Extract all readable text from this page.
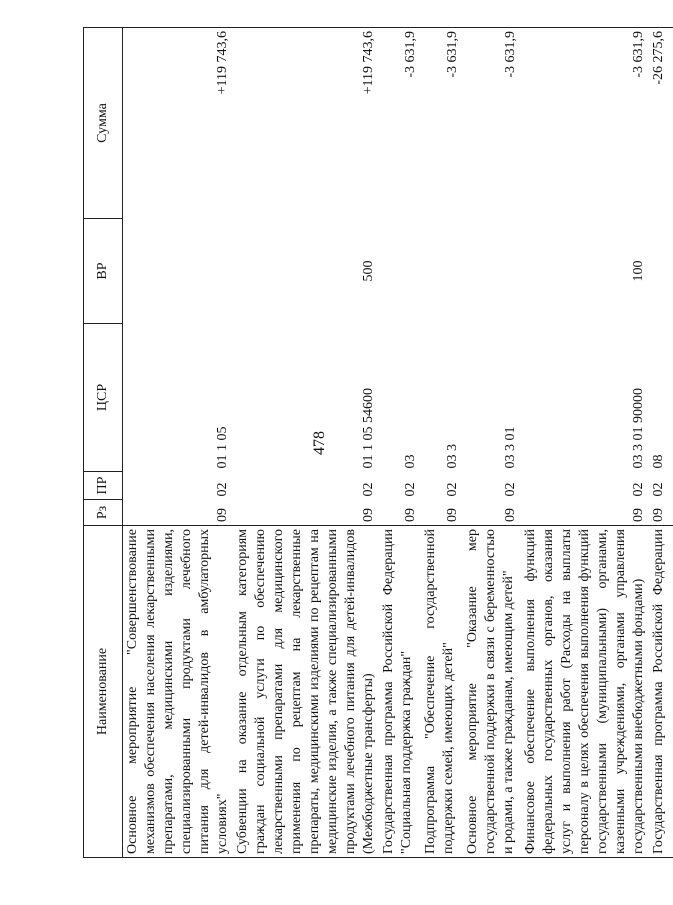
478
Наименование	Рз	ПР	ЦСР	ВР	Сумма
Основное мероприятие "Совершенствование механизмов обеспечения населения лекарственными препаратами, медицинскими изделиями, специализированными продуктами лечебного питания для детей-инвалидов в амбулаторных условиях"	09	02	01 1 05		+119 743,6
Субвенции на оказание отдельным категориям граждан социальной услуги по обеспечению лекарственными препаратами для медицинского применения по рецептам на лекарственные препараты, медицинскими изделиями по рецептам на медицинские изделия, а также специализированными продуктами лечебного питания для детей-инвалидов (Межбюджетные трансферты)	09	02	01 1 05 54600	500	+119 743,6
Государственная программа Российской Федерации "Социальная поддержка граждан"	09	02	03		-3 631,9
Подпрограмма "Обеспечение государственной поддержки семей, имеющих детей"	09	02	03 3		-3 631,9
Основное мероприятие "Оказание мер государственной поддержки в связи с беременностью и родами, а также гражданам, имеющим детей"	09	02	03 3 01		-3 631,9
Финансовое обеспечение выполнения функций федеральных государственных органов, оказания услуг и выполнения работ (Расходы на выплаты персоналу в целях обеспечения выполнения функций государственными (муниципальными) органами, казенными учреждениями, органами управления государственными внебюджетными фондами)	09	02	03 3 01 90000	100	-3 631,9
Государственная программа Российской Федерации	09	02	08		-26 275,6
